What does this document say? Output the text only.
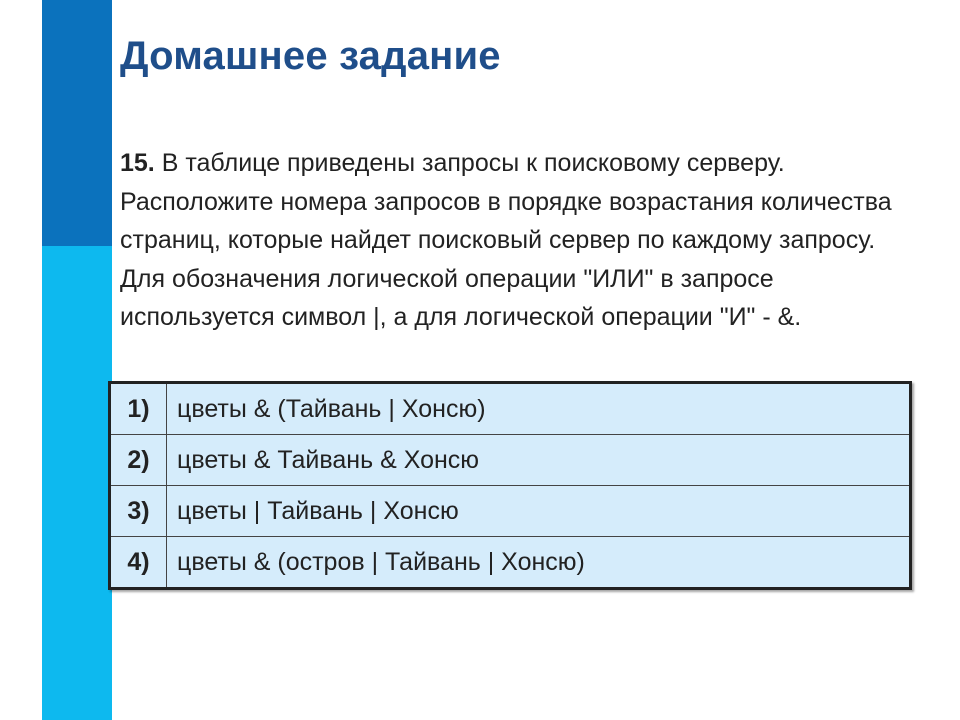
Домашнее задание

15. В таблице приведены запросы к поисковому серверу. Расположите номера запросов в порядке возрастания количества страниц, которые найдет поисковый сервер по каждому запросу.

Для обозначения логической операции "ИЛИ" в запросе используется символ |, а для логической операции "И" - &.

1)	цветы & (Тайвань | Хонсю)
2)	цветы & Тайвань & Хонсю
3)	цветы | Тайвань | Хонсю
4)	цветы & (остров | Тайвань | Хонсю)
